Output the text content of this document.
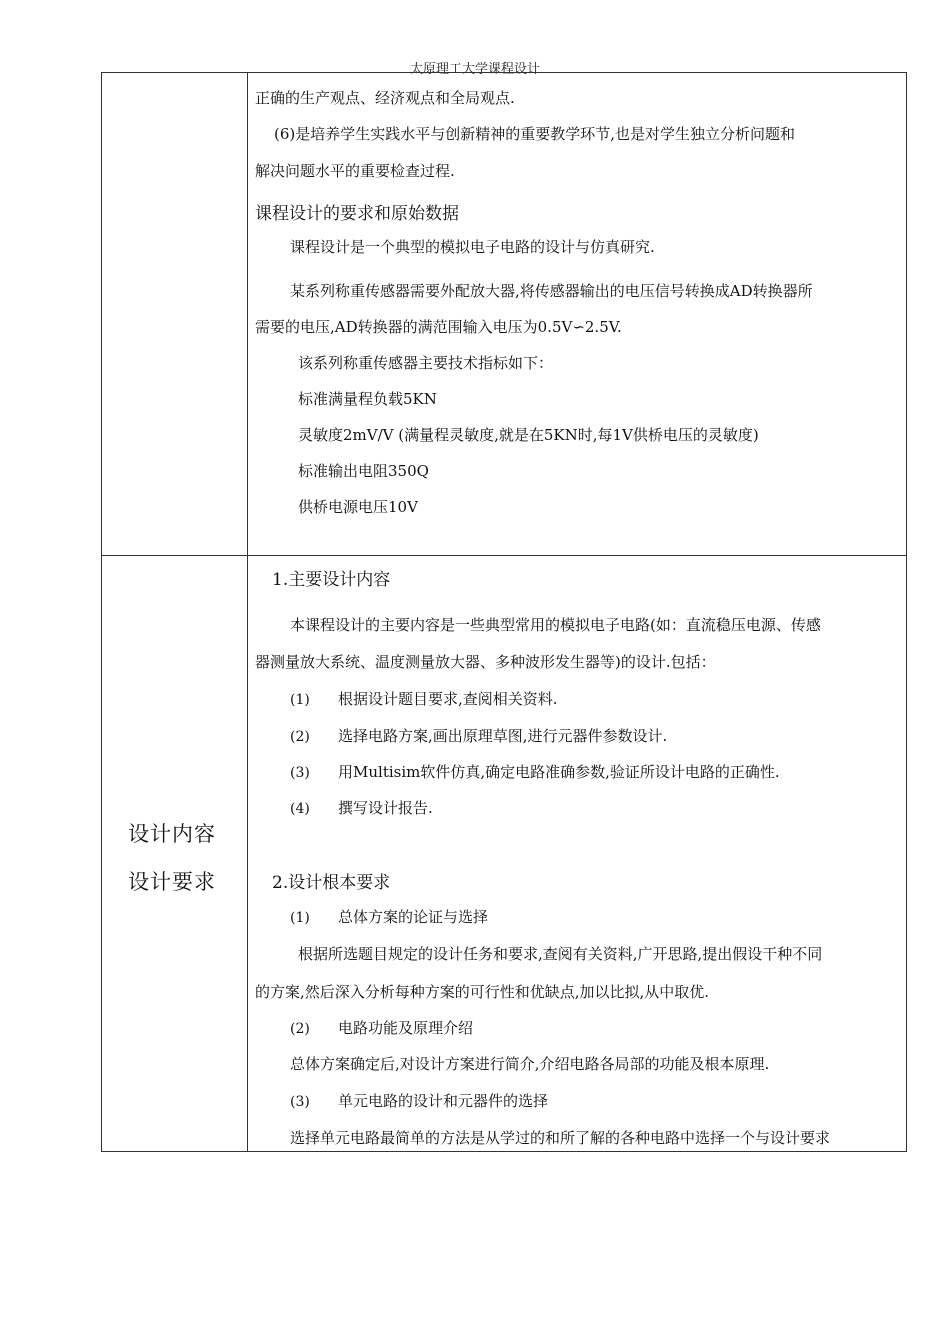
太原理工大学课程设计
正确的生产观点、经济观点和全局观点.
(6)是培养学生实践水平与创新精神的重要教学环节,也是对学生独立分析问题和
解决问题水平的重要检查过程.
课程设计的要求和原始数据
课程设计是一个典型的模拟电子电路的设计与仿真研究.
某系列称重传感器需要外配放大器,将传感器输出的电压信号转换成AD转换器所
需要的电压,AD转换器的满范围输入电压为0.5V∽2.5V.
该系列称重传感器主要技术指标如下：
标准满量程负载5KN
灵敏度2mV/V (满量程灵敏度,就是在5KN时,每1V供桥电压的灵敏度)
标准输出电阻350Q
供桥电源电压10V
设计内容
设计要求
1.主要设计内容
本课程设计的主要内容是一些典型常用的模拟电子电路(如：直流稳压电源、传感
器测量放大系统、温度测量放大器、多种波形发生器等)的设计.包括：
(1) 根据设计题目要求,查阅相关资料.
(2) 选择电路方案,画出原理草图,进行元器件参数设计.
(3) 用Multisim软件仿真,确定电路准确参数,验证所设计电路的正确性.
(4) 撰写设计报告.
2.设计根本要求
(1) 总体方案的论证与选择
根据所选题目规定的设计任务和要求,查阅有关资料,广开思路,提出假设干种不同
的方案,然后深入分析每种方案的可行性和优缺点,加以比拟,从中取优.
(2) 电路功能及原理介绍
总体方案确定后,对设计方案进行简介,介绍电路各局部的功能及根本原理.
(3) 单元电路的设计和元器件的选择
选择单元电路最简单的方法是从学过的和所了解的各种电路中选择一个与设计要求
